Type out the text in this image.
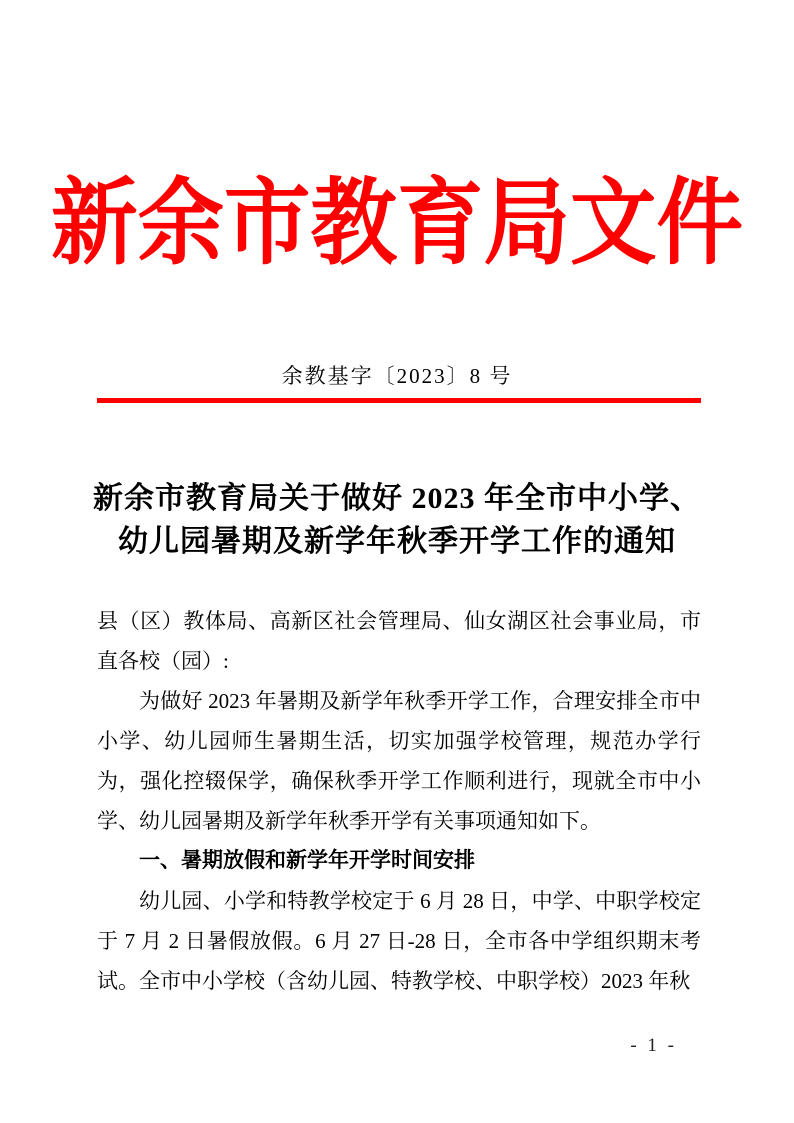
新余市教育局文件
余教基字〔2023〕8 号
新余市教育局关于做好 2023 年全市中小学、
幼儿园暑期及新学年秋季开学工作的通知

县（区）教体局、高新区社会管理局、仙女湖区社会事业局，市直各校（园）:

为做好 2023 年暑期及新学年秋季开学工作，合理安排全市中小学、幼儿园师生暑期生活，切实加强学校管理，规范办学行为，强化控辍保学，确保秋季开学工作顺利进行，现就全市中小学、幼儿园暑期及新学年秋季开学有关事项通知如下。

一、暑期放假和新学年开学时间安排

幼儿园、小学和特教学校定于 6 月 28 日，中学、中职学校定于 7 月 2 日暑假放假。6 月 27 日-28 日，全市各中学组织期末考试。全市中小学校（含幼儿园、特教学校、中职学校）2023 年秋

- 1 -
